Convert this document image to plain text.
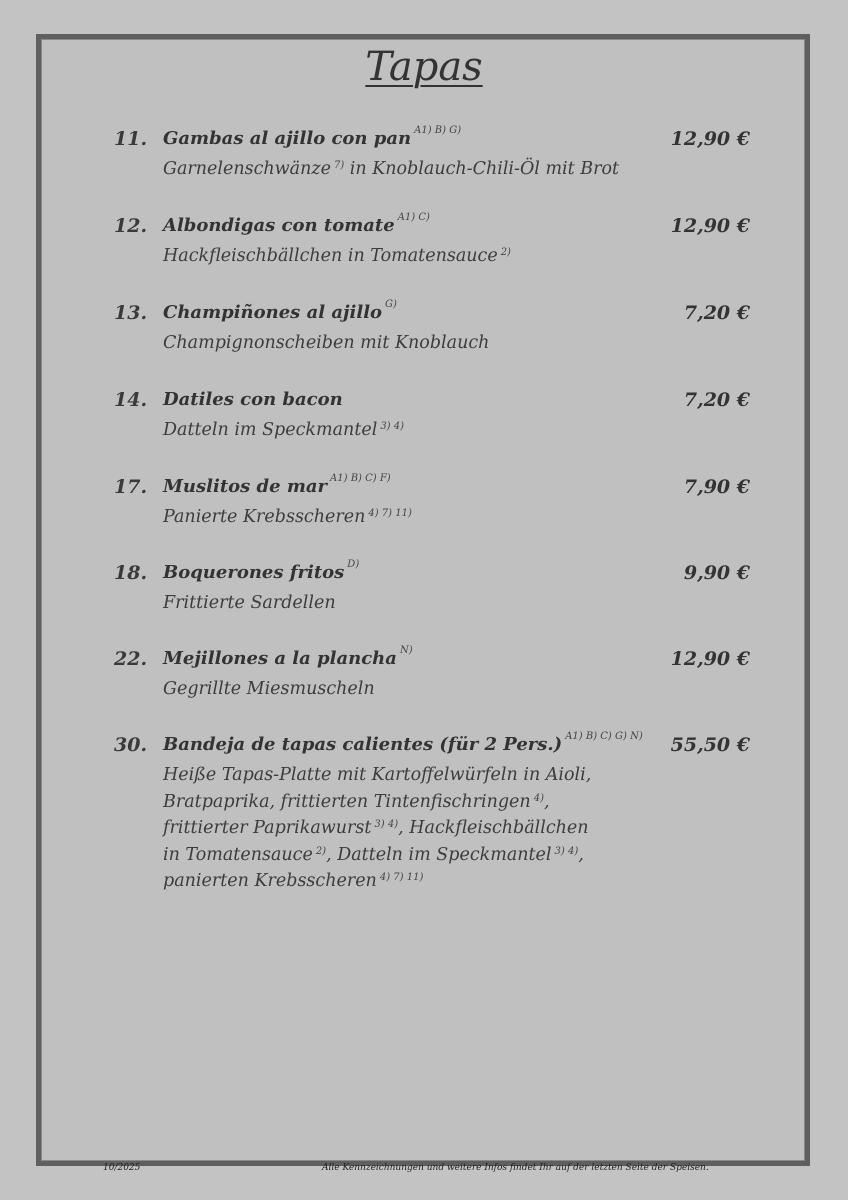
Tapas
11. Gambas al ajillo con pan $^{A1) B) G)}$	12,90 €
Garnelenschwänze $^{7)}$ in Knoblauch-Chili-Öl mit Brot
12. Albondigas con tomate $^{A1) C)}$	12,90 €
Hackfleischbällchen in Tomatensauce $^{2)}$
13. Champiñones al ajillo $^{G)}$	7,20 €
Champignonscheiben mit Knoblauch
14. Datiles con bacon	7,20 €
Datteln im Speckmantel $^{3) 4)}$
17. Muslitos de mar $^{A1) B) C) F)}$	7,90 €
Panierte Krebsscheren $^{4) 7) 11)}$
18. Boquerones fritos $^{D)}$	9,90 €
Frittierte Sardellen
22. Mejillones a la plancha $^{N)}$	12,90 €
Gegrillte Miesmuscheln
30. Bandeja de tapas calientes (für 2 Pers.) $^{A1) B) C) G) N)}$ 55,50 €
Heiße Tapas-Platte mit Kartoffelwürfeln in Aioli,
Bratpaprika, frittierten Tintenfischringen $^{4)}$,
frittierter Paprikawurst $^{3) 4)}$, Hackfleischbällchen
in Tomatensauce $^{2)}$, Datteln im Speckmantel $^{3) 4)}$,
panierten Krebsscheren $^{4) 7) 11)}$
10/2025	Alle Kennzeichnungen und weitere Infos findet Ihr auf der letzten Seite der Speisen.
